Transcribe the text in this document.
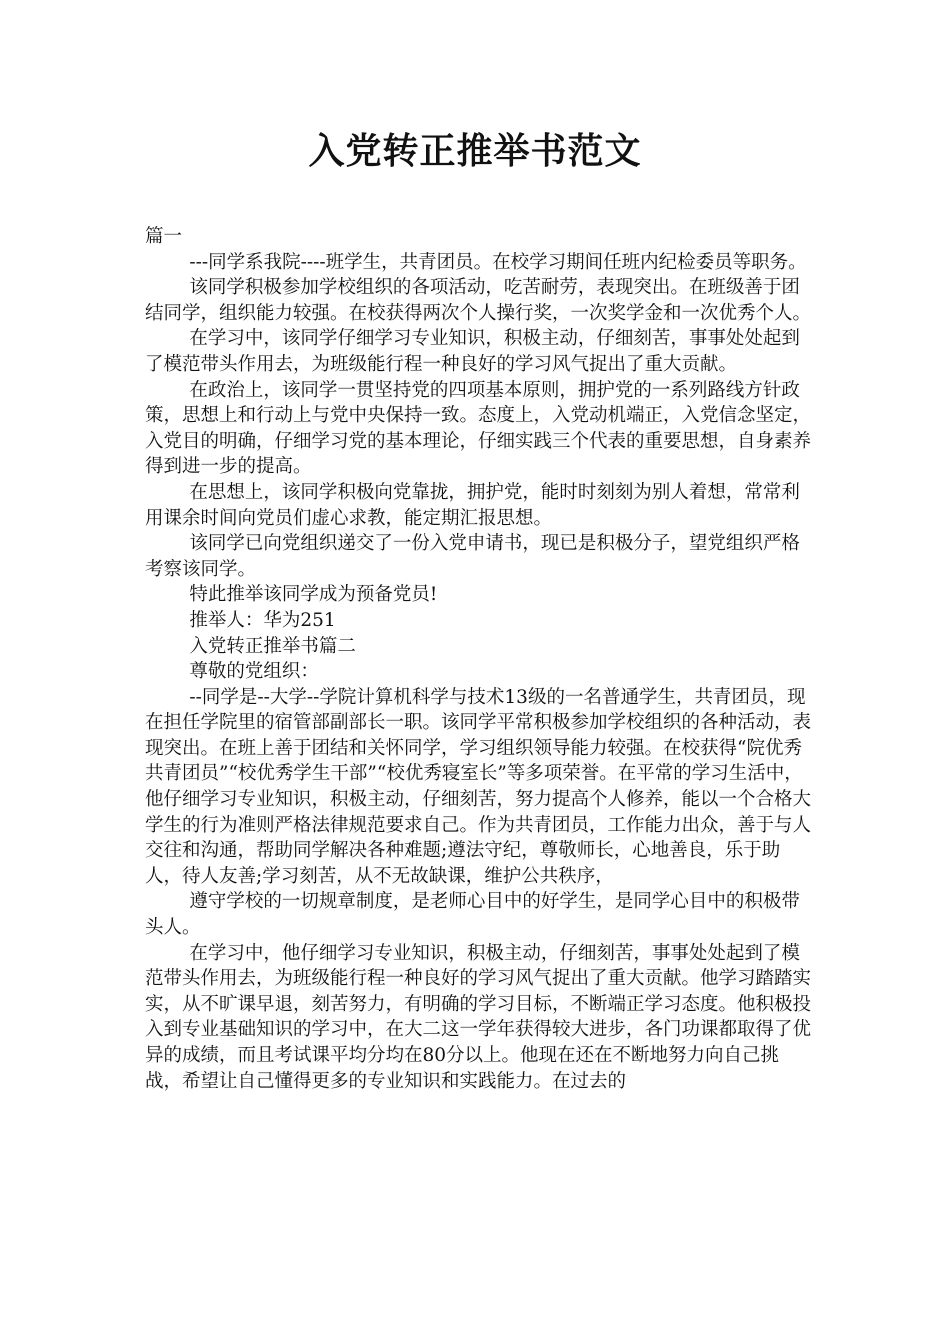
入党转正推举书范文

篇一

---同学系我院----班学生，共青团员。在校学习期间任班内纪检委员等职务。

该同学积极参加学校组织的各项活动，吃苦耐劳，表现突出。在班级善于团结同学，组织能力较强。在校获得两次个人操行奖，一次奖学金和一次优秀个人。

在学习中，该同学仔细学习专业知识，积极主动，仔细刻苦，事事处处起到了模范带头作用去，为班级能行程一种良好的学习风气捉出了重大贡献。

在政治上，该同学一贯坚持党的四项基本原则，拥护党的一系列路线方针政策，思想上和行动上与党中央保持一致。态度上，入党动机端正，入党信念坚定，入党目的明确，仔细学习党的基本理论，仔细实践三个代表的重要思想，自身素养得到进一步的提高。

在思想上，该同学积极向党靠拢，拥护党，能时时刻刻为别人着想，常常利用课余时间向党员们虚心求教，能定期汇报思想。

该同学已向党组织递交了一份入党申请书，现已是积极分子，望党组织严格考察该同学。

特此推举该同学成为预备党员!

推举人：华为251

入党转正推举书篇二

尊敬的党组织：

--同学是--大学--学院计算机科学与技术13级的一名普通学生，共青团员，现在担任学院里的宿管部副部长一职。该同学平常积极参加学校组织的各种活动，表现突出。在班上善于团结和关怀同学，学习组织领导能力较强。在校获得“院优秀共青团员”“校优秀学生干部”“校优秀寝室长”等多项荣誉。在平常的学习生活中，他仔细学习专业知识，积极主动，仔细刻苦，努力提高个人修养，能以一个合格大学生的行为准则严格法律规范要求自己。作为共青团员，工作能力出众，善于与人交往和沟通，帮助同学解决各种难题;遵法守纪，尊敬师长，心地善良，乐于助人，待人友善;学习刻苦，从不无故缺课，维护公共秩序，

遵守学校的一切规章制度，是老师心目中的好学生，是同学心目中的积极带头人。

在学习中，他仔细学习专业知识，积极主动，仔细刻苦，事事处处起到了模范带头作用去，为班级能行程一种良好的学习风气捉出了重大贡献。他学习踏踏实实，从不旷课早退，刻苦努力，有明确的学习目标，不断端正学习态度。他积极投入到专业基础知识的学习中，在大二这一学年获得较大进步，各门功课都取得了优异的成绩，而且考试课平均分均在80分以上。他现在还在不断地努力向自己挑战，希望让自己懂得更多的专业知识和实践能力。在过去的
